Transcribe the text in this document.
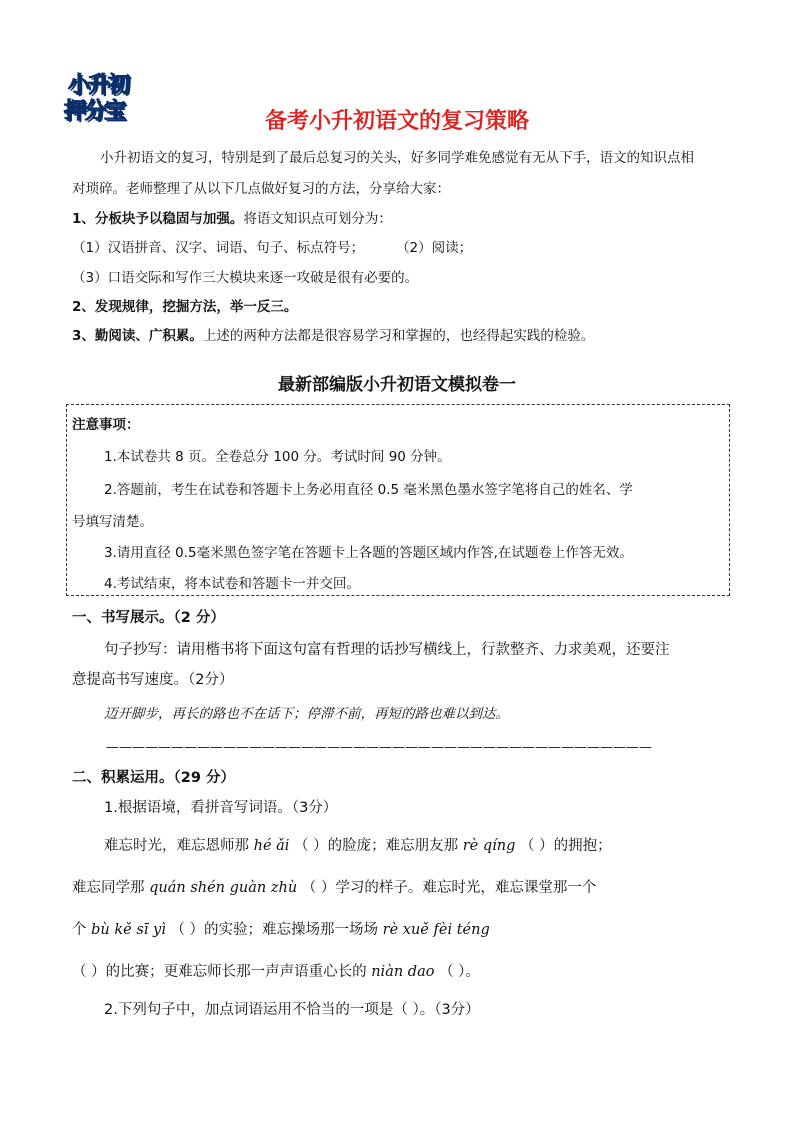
小升初
押分宝	备考小升初语文的复习策略
小升初语文的复习，特别是到了最后总复习的关头，好多同学难免感觉有无从下手，语文的知识点相
对琐碎。老师整理了从以下几点做好复习的方法，分享给大家：
1、分板块予以稳固与加强。将语文知识点可划分为：
（1）汉语拼音、汉字、词语、句子、标点符号； （2）阅读；
（3）口语交际和写作三大模块来逐一攻破是很有必要的。
2、发现规律，挖掘方法，举一反三。
3、勤阅读、广积累。上述的两种方法都是很容易学习和掌握的，也经得起实践的检验。
最新部编版小升初语文模拟卷一
注意事项：
1.本试卷共 8 页。全卷总分 100 分。考试时间 90 分钟。
2.答题前，考生在试卷和答题卡上务必用直径 0.5 毫米黑色墨水签字笔将自己的姓名、学
号填写清楚。
3.请用直径 0.5毫米黑色签字笔在答题卡上各题的答题区域内作答,在试题卷上作答无效。
4.考试结束，将本试卷和答题卡一并交回。
一、书写展示。（2 分）
句子抄写：请用楷书将下面这句富有哲理的话抄写横线上，行款整齐、力求美观，还要注
意提高书写速度。（2分）
迈开脚步，再长的路也不在话下；停滞不前，再短的路也难以到达。
——————————————————————————————————————————
二、积累运用。（29 分）
1.根据语境，看拼音写词语。（3分）
难忘时光，难忘恩师那 hé ǎi （ ）的脸庞；难忘朋友那 rè qíng （ ）的拥抱；
难忘同学那 quán shén guàn zhù （ ）学习的样子。难忘时光，难忘课堂那一个
个 bù kě sī yì （ ）的实验；难忘操场那一场场 rè xuě fèi téng
（ ）的比赛；更难忘师长那一声声语重心长的 niàn dao （ ）。
2.下列句子中，加点词语运用不恰当的一项是（ ）。（3分）
